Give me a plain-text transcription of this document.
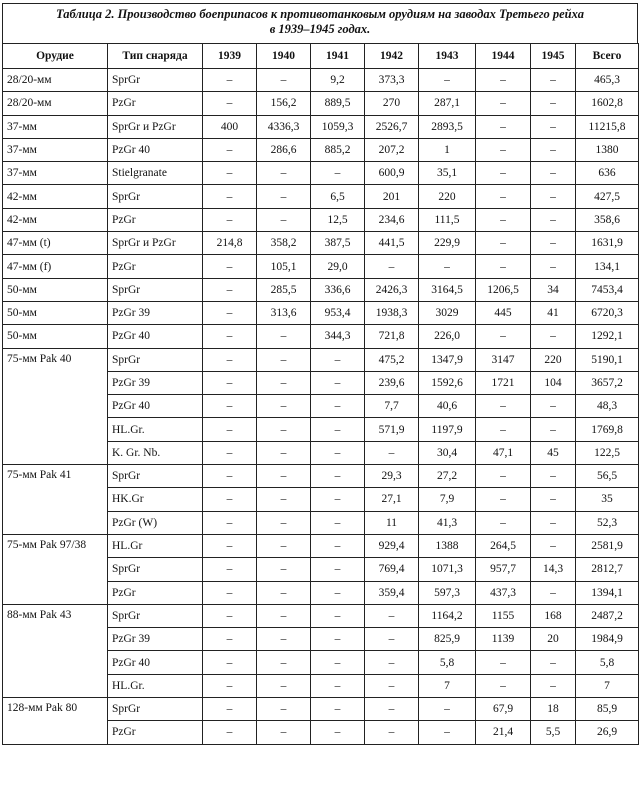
Таблица 2. Производство боеприпасов к противотанковым орудиям на заводах Третьего рейха
в 1939–1945 годах.
Орудие	Тип снаряда	1939	1940	1941	1942	1943	1944	1945	Всего
28/20-мм	SprGr	–	–	9,2	373,3	–	–	–	465,3
28/20-мм	PzGr	–	156,2	889,5	270	287,1	–	–	1602,8
37-мм	SprGr и PzGr	400	4336,3	1059,3	2526,7	2893,5	–	–	11215,8
37-мм	PzGr 40	–	286,6	885,2	207,2	1	–	–	1380
37-мм	Stielgranate	–	–	–	600,9	35,1	–	–	636
42-мм	SprGr	–	–	6,5	201	220	–	–	427,5
42-мм	PzGr	–	–	12,5	234,6	111,5	–	–	358,6
47-мм (t)	SprGr и PzGr	214,8	358,2	387,5	441,5	229,9	–	–	1631,9
47-мм (f)	PzGr	–	105,1	29,0	–	–	–	–	134,1
50-мм	SprGr	–	285,5	336,6	2426,3	3164,5	1206,5	34	7453,4
50-мм	PzGr 39	–	313,6	953,4	1938,3	3029	445	41	6720,3
50-мм	PzGr 40	–	–	344,3	721,8	226,0	–	–	1292,1
75-мм Pak 40	SprGr	–	–	–	475,2	1347,9	3147	220	5190,1
	PzGr 39	–	–	–	239,6	1592,6	1721	104	3657,2
	PzGr 40	–	–	–	7,7	40,6	–	–	48,3
	HL.Gr.	–	–	–	571,9	1197,9	–	–	1769,8
	K. Gr. Nb.	–	–	–	–	30,4	47,1	45	122,5
75-мм Pak 41	SprGr	–	–	–	29,3	27,2	–	–	56,5
	HK.Gr	–	–	–	27,1	7,9	–	–	35
	PzGr (W)	–	–	–	11	41,3	–	–	52,3
75-мм Pak 97/38	HL.Gr	–	–	–	929,4	1388	264,5	–	2581,9
	SprGr	–	–	–	769,4	1071,3	957,7	14,3	2812,7
	PzGr	–	–	–	359,4	597,3	437,3	–	1394,1
88-мм Pak 43	SprGr	–	–	–	–	1164,2	1155	168	2487,2
	PzGr 39	–	–	–	–	825,9	1139	20	1984,9
	PzGr 40	–	–	–	–	5,8	–	–	5,8
	HL.Gr.	–	–	–	–	7	–	–	7
128-мм Pak 80	SprGr	–	–	–	–	–	67,9	18	85,9
	PzGr	–	–	–	–	–	21,4	5,5	26,9
